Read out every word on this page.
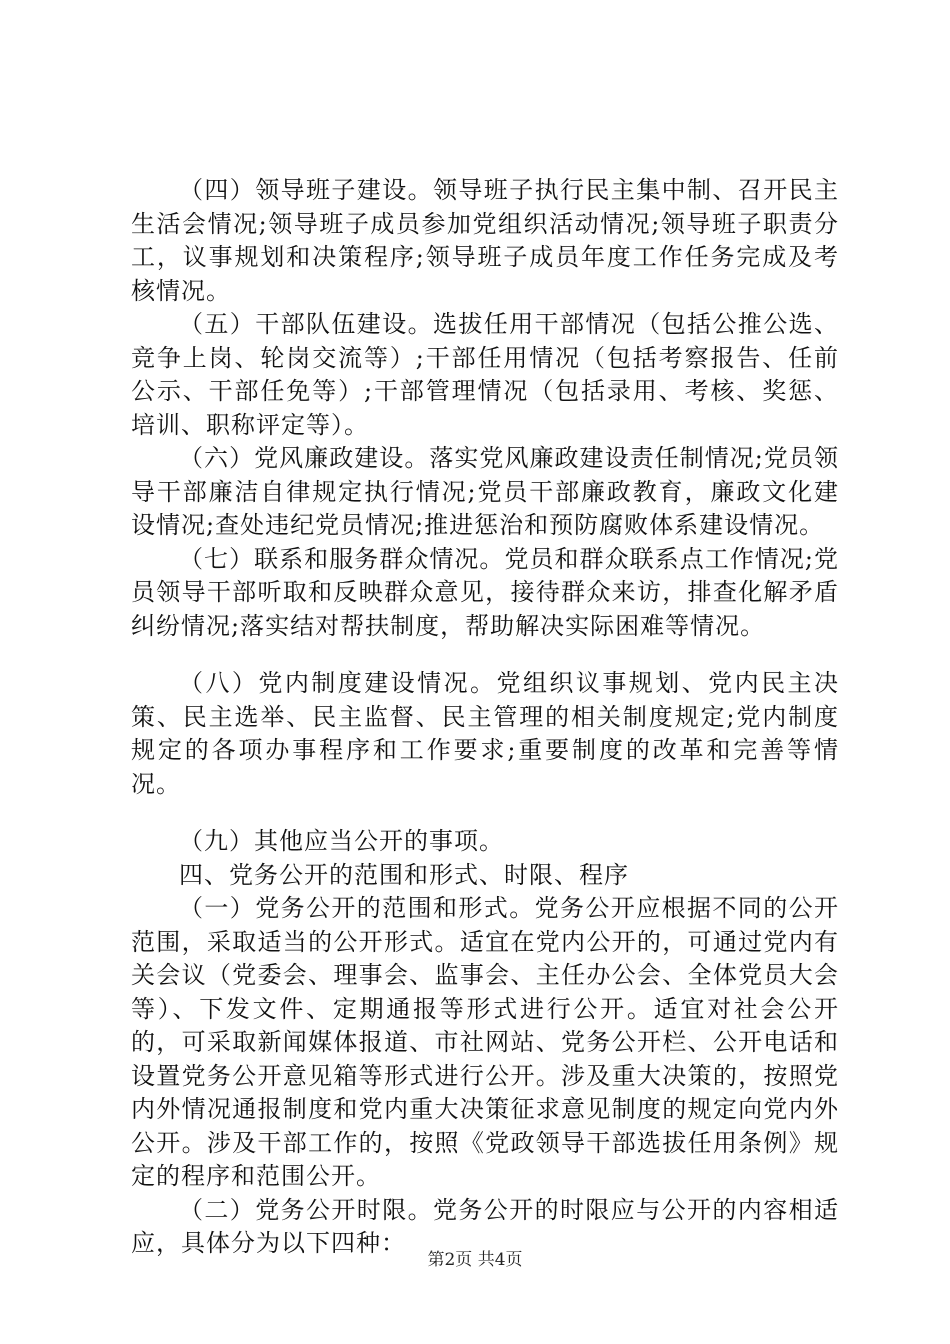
（四）领导班子建设。领导班子执行民主集中制、召开民主生活会情况;领导班子成员参加党组织活动情况;领导班子职责分工，议事规划和决策程序;领导班子成员年度工作任务完成及考核情况。

（五）干部队伍建设。选拔任用干部情况（包括公推公选、竞争上岗、轮岗交流等）;干部任用情况（包括考察报告、任前公示、干部任免等）;干部管理情况（包括录用、考核、奖惩、培训、职称评定等）。

（六）党风廉政建设。落实党风廉政建设责任制情况;党员领导干部廉洁自律规定执行情况;党员干部廉政教育，廉政文化建设情况;查处违纪党员情况;推进惩治和预防腐败体系建设情况。

（七）联系和服务群众情况。党员和群众联系点工作情况;党员领导干部听取和反映群众意见，接待群众来访，排查化解矛盾纠纷情况;落实结对帮扶制度，帮助解决实际困难等情况。

（八）党内制度建设情况。党组织议事规划、党内民主决策、民主选举、民主监督、民主管理的相关制度规定;党内制度规定的各项办事程序和工作要求;重要制度的改革和完善等情况。

（九）其他应当公开的事项。

四、党务公开的范围和形式、时限、程序

（一）党务公开的范围和形式。党务公开应根据不同的公开范围，采取适当的公开形式。适宜在党内公开的，可通过党内有关会议（党委会、理事会、监事会、主任办公会、全体党员大会等）、下发文件、定期通报等形式进行公开。适宜对社会公开的，可采取新闻媒体报道、市社网站、党务公开栏、公开电话和设置党务公开意见箱等形式进行公开。涉及重大决策的，按照党内外情况通报制度和党内重大决策征求意见制度的规定向党内外公开。涉及干部工作的，按照《党政领导干部选拔任用条例》规定的程序和范围公开。

（二）党务公开时限。党务公开的时限应与公开的内容相适应，具体分为以下四种：

第2页 共4页
